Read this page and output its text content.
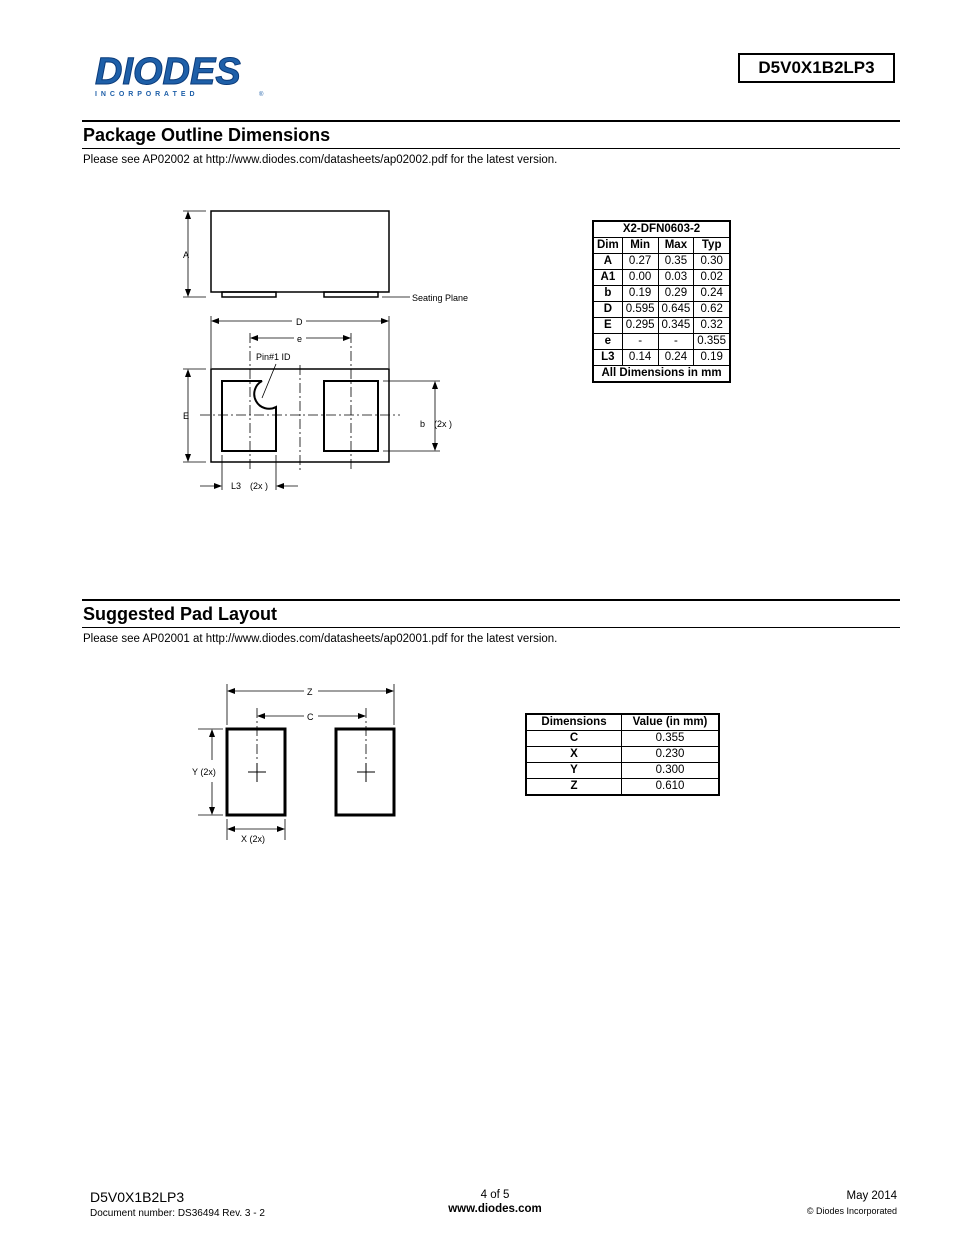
DIODES
I N C O R P O R A T E D	®
D5V0X1B2LP3
Package Outline Dimensions
Please see AP02002 at http://www.diodes.com/datasheets/ap02002.pdf for the latest version.
A
Seating Plane
D
e
Pin#1 ID
E
b (2x )
L3 (2x )
X2-DFN0603-2			
Dim	Min	Max	Typ
A	0.27	0.35	0.30
A1	0.00	0.03	0.02
b	0.19	0.29	0.24
D	0.595	0.645	0.62
E	0.295	0.345	0.32
e	-	-	0.355
L3	0.14	0.24	0.19
All Dimensions in mm			
Suggested Pad Layout
Please see AP02001 at http://www.diodes.com/datasheets/ap02001.pdf for the latest version.
Z
C
Y (2x)
X (2x)
Dimensions	Value (in mm)
C	0.355
X	0.230
Y	0.300
Z	0.610
D5V0X1B2LP3
Document number: DS36494 Rev. 3 - 2
4 of 5
www.diodes.com
May 2014
© Diodes Incorporated
